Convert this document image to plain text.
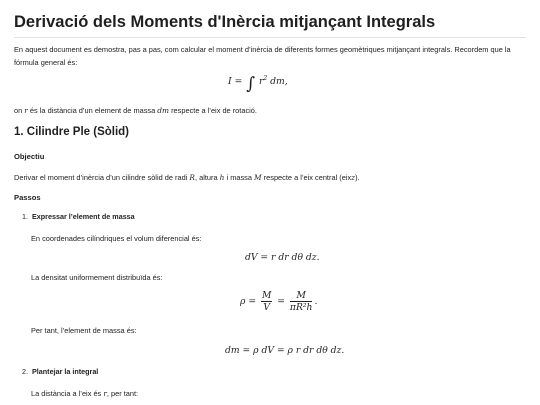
Derivació dels Moments d'Inèrcia mitjançant Integrals
En aquest document es demostra, pas a pas, com calcular el moment d’inèrcia de diferents formes geomètriques mitjançant integrals. Recordem que la fórmula general és:
I = ∫ $r^2$ dm,
on r és la distància d’un element de massa dm respecte a l’eix de rotació.
1. Cilindre Ple (Sòlid)
Objectiu
Derivar el moment d’inèrcia d’un cilindre sòlid de radi R, altura h i massa M respecte a l’eix central (eixz).
Passos
1. Expressar l’element de massa
En coordenades cilíndriques el volum diferencial és:
dV = r dr dθ dz.
La densitat uniformement distribuïda és:
$\rho = \frac{M}{V} = \frac{M}{\text{πR²h}}$ .
Per tant, l’element de massa és:
dm = ρ dV = ρ r dr dθ dz.
2. Plantejar la integral
La distància a l’eix és r, per tant:
